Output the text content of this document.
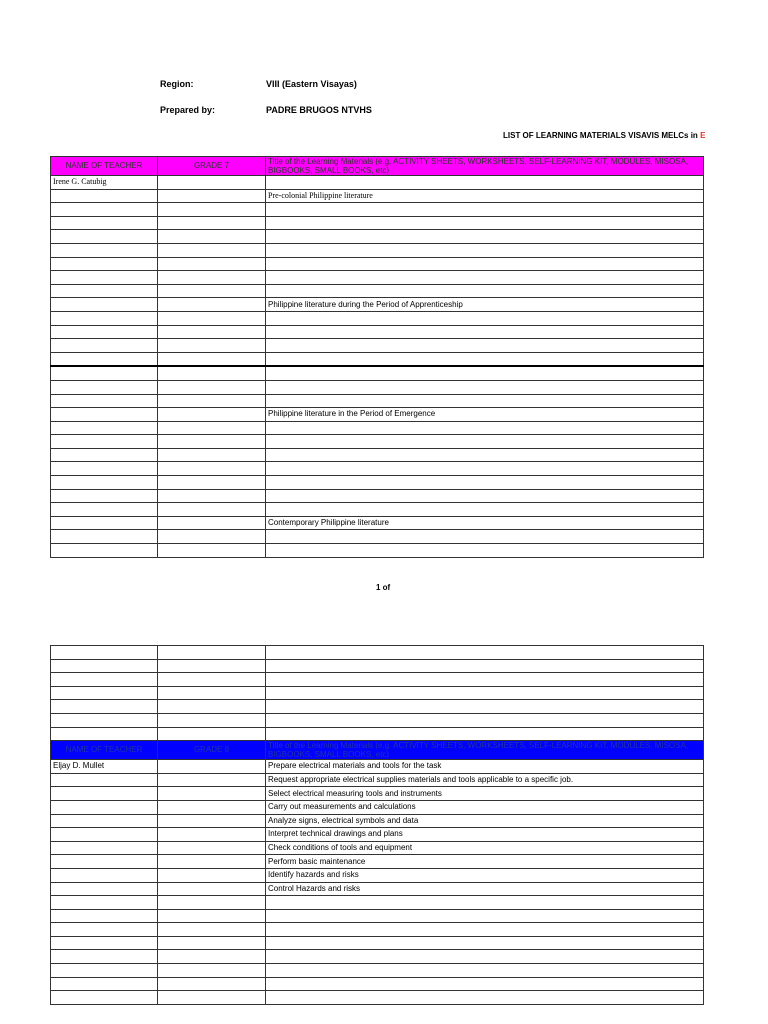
Region:	VIII (Eastern Visayas)
Prepared by:	PADRE BRUGOS NTVHS
LIST OF LEARNING MATERIALS VISAVIS MELCs in E
NAME OF TEACHER	GRADE 7	Title of the Learning Materials (e.g. ACTIVITY SHEETS, WORKSHEETS, SELF-LEARNING KIT, MODULES, MISOSA, BIGBOOKS, SMALL BOOKS, etc)
Irene G. Catubig		
		Pre-colonial Philippine literature

		Philippine literature during the Period of Apprenticeship

		Philippine literature in the Period of Emergence

		Contemporary Philippine literature

1 of

NAME OF TEACHER	GRADE 8	Title of the Learning Materials (e.g. ACTIVITY SHEETS, WORKSHEETS, SELF-LEARNING KIT, MODULES, MISOSA, BIGBOOKS, SMALL BOOKS, etc)
Eljay D. Mullet		Prepare electrical materials and tools for the task
		Request appropriate electrical supplies materials and tools applicable to a specific job.
		Select electrical measuring tools and instruments
		Carry out measurements and calculations
		Analyze signs, electrical symbols and data
		Interpret technical drawings and plans
		Check conditions of tools and equipment
		Perform basic maintenance
		Identify hazards and risks
		Control Hazards and risks
